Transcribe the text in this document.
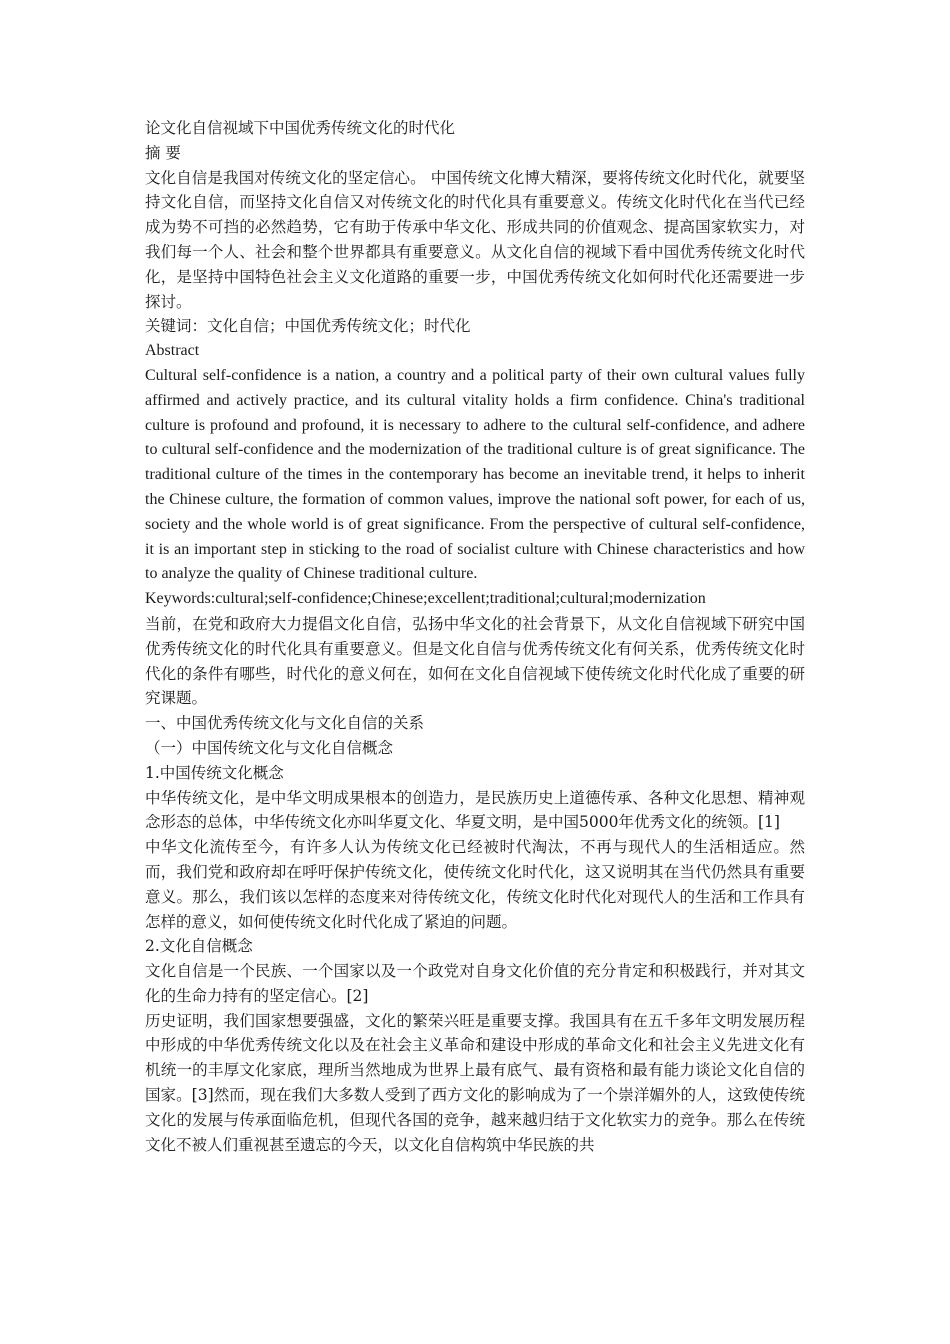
论文化自信视域下中国优秀传统文化的时代化

摘 要

文化自信是我国对传统文化的坚定信心。 中国传统文化博大精深，要将传统文化时代化，就要坚持文化自信，而坚持文化自信又对传统文化的时代化具有重要意义。传统文化时代化在当代已经成为势不可挡的必然趋势，它有助于传承中华文化、形成共同的价值观念、提高国家软实力，对我们每一个人、社会和整个世界都具有重要意义。从文化自信的视域下看中国优秀传统文化时代化，是坚持中国特色社会主义文化道路的重要一步，中国优秀传统文化如何时代化还需要进一步探讨。

关键词：文化自信；中国优秀传统文化；时代化

Abstract

Cultural self-confidence is a nation, a country and a political party of their own cultural values fully affirmed and actively practice, and its cultural vitality holds a firm confidence. China's traditional culture is profound and profound, it is necessary to adhere to the cultural self-confidence, and adhere to cultural self-confidence and the modernization of the traditional culture is of great significance. The traditional culture of the times in the contemporary has become an inevitable trend, it helps to inherit the Chinese culture, the formation of common values, improve the national soft power, for each of us, society and the whole world is of great significance. From the perspective of cultural self-confidence, it is an important step in sticking to the road of socialist culture with Chinese characteristics and how to analyze the quality of Chinese traditional culture.

Keywords:cultural;self-confidence;Chinese;excellent;traditional;cultural;modernization

当前，在党和政府大力提倡文化自信，弘扬中华文化的社会背景下，从文化自信视域下研究中国优秀传统文化的时代化具有重要意义。但是文化自信与优秀传统文化有何关系，优秀传统文化时代化的条件有哪些，时代化的意义何在，如何在文化自信视域下使传统文化时代化成了重要的研究课题。

一、中国优秀传统文化与文化自信的关系

（一）中国传统文化与文化自信概念

1.中国传统文化概念

中华传统文化，是中华文明成果根本的创造力，是民族历史上道德传承、各种文化思想、精神观念形态的总体，中华传统文化亦叫华夏文化、华夏文明，是中国5000年优秀文化的统领。[1]

中华文化流传至今，有许多人认为传统文化已经被时代淘汰，不再与现代人的生活相适应。然而，我们党和政府却在呼吁保护传统文化，使传统文化时代化，这又说明其在当代仍然具有重要意义。那么，我们该以怎样的态度来对待传统文化，传统文化时代化对现代人的生活和工作具有怎样的意义，如何使传统文化时代化成了紧迫的问题。

2.文化自信概念

文化自信是一个民族、一个国家以及一个政党对自身文化价值的充分肯定和积极践行，并对其文化的生命力持有的坚定信心。[2]

历史证明，我们国家想要强盛，文化的繁荣兴旺是重要支撑。我国具有在五千多年文明发展历程中形成的中华优秀传统文化以及在社会主义革命和建设中形成的革命文化和社会主义先进文化有机统一的丰厚文化家底，理所当然地成为世界上最有底气、最有资格和最有能力谈论文化自信的国家。[3]然而，现在我们大多数人受到了西方文化的影响成为了一个崇洋媚外的人，这致使传统文化的发展与传承面临危机，但现代各国的竞争，越来越归结于文化软实力的竞争。那么在传统文化不被人们重视甚至遗忘的今天，以文化自信构筑中华民族的共
